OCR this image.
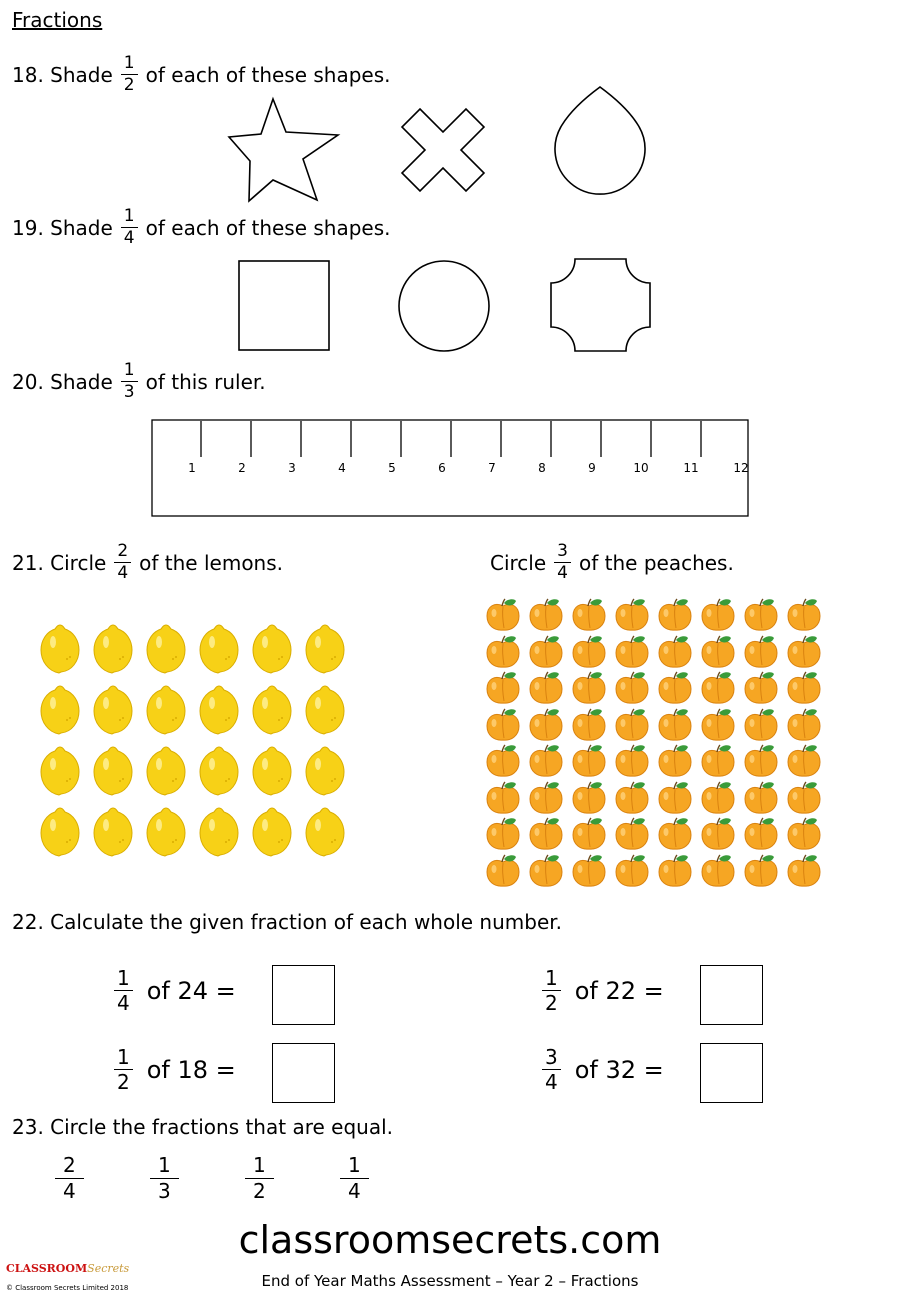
Fractions
18. Shade $\frac{1}{2}$ of each of these shapes.
19. Shade $\frac{1}{4}$ of each of these shapes.
20. Shade $\frac{1}{3}$ of this ruler.
21. Circle $\frac{2}{4}$ of the lemons.	Circle $\frac{3}{4}$ of the peaches.
1	2	3	4	5	6	7	8	9	10	11	12
22. Calculate the given fraction of each whole number.
$\frac{1}{4}$ of 24 =	$\frac{1}{2}$ of 22 =
$\frac{1}{2}$ of 18 =	$\frac{3}{4}$ of 32 =
23. Circle the fractions that are equal.
$\frac{2}{4}$	$\frac{1}{3}$	$\frac{1}{2}$	$\frac{1}{4}$
classroomsecrets.com
End of Year Maths Assessment – Year 2 – Fractions
CLASSROOMSecrets
© Classroom Secrets Limited 2018
